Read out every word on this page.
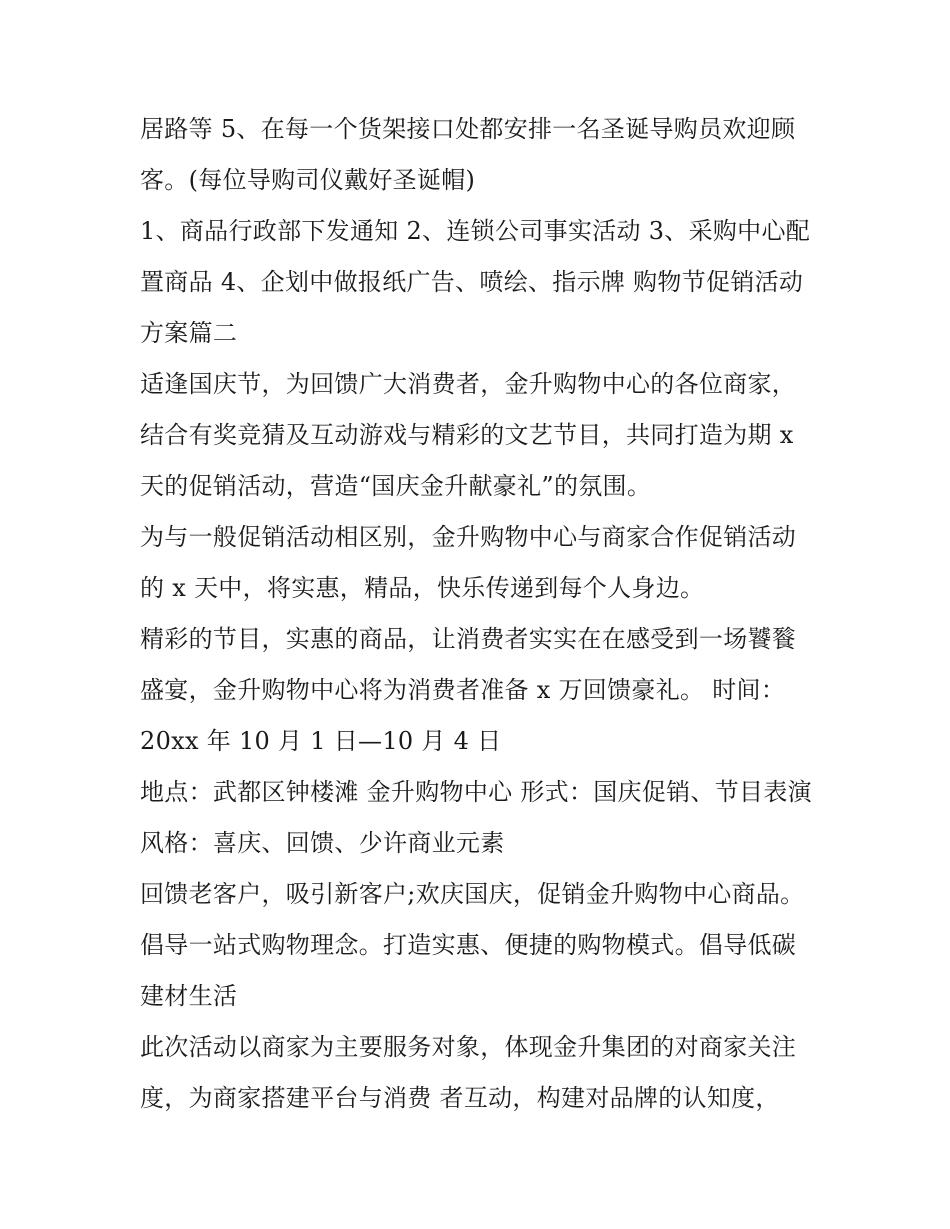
居路等 5、在每一个货架接口处都安排一名圣诞导购员欢迎顾客。(每位导购司仪戴好圣诞帽)

1、商品行政部下发通知 2、连锁公司事实活动 3、采购中心配置商品 4、企划中做报纸广告、喷绘、指示牌 购物节促销活动方案篇二

适逢国庆节，为回馈广大消费者，金升购物中心的各位商家，结合有奖竞猜及互动游戏与精彩的文艺节目，共同打造为期 x 天的促销活动，营造“国庆金升献豪礼”的氛围。

为与一般促销活动相区别，金升购物中心与商家合作促销活动的 x 天中，将实惠，精品，快乐传递到每个人身边。

精彩的节目，实惠的商品，让消费者实实在在感受到一场饕餮盛宴，金升购物中心将为消费者准备 x 万回馈豪礼。 时间：

20xx 年 10 月 1 日—10 月 4 日

地点：武都区钟楼滩 金升购物中心 形式：国庆促销、节目表演 风格：喜庆、回馈、少许商业元素

回馈老客户，吸引新客户;欢庆国庆，促销金升购物中心商品。倡导一站式购物理念。打造实惠、便捷的购物模式。倡导低碳建材生活

此次活动以商家为主要服务对象，体现金升集团的对商家关注度，为商家搭建平台与消费 者互动，构建对品牌的认知度，
